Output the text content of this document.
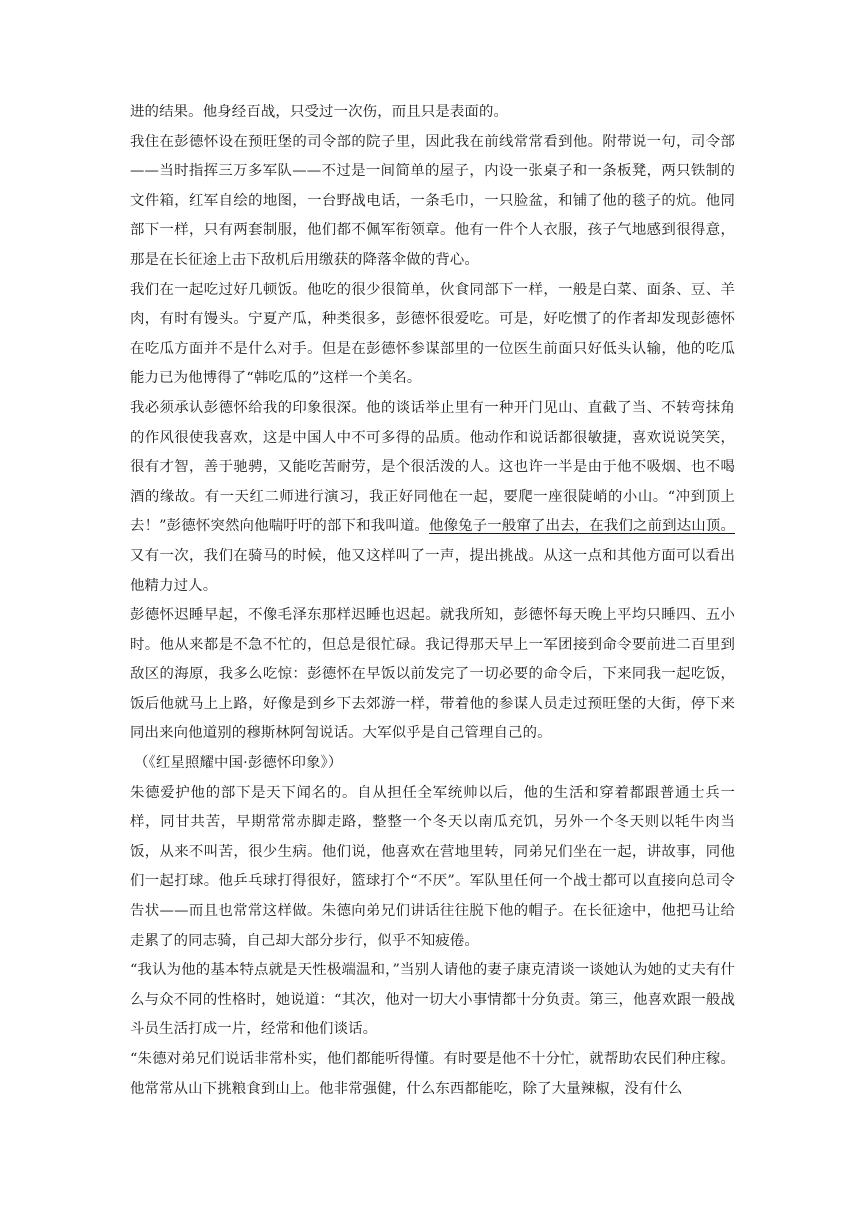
进的结果。他身经百战，只受过一次伤，而且只是表面的。

我住在彭德怀设在预旺堡的司令部的院子里，因此我在前线常常看到他。附带说一句，司令部——当时指挥三万多军队——不过是一间简单的屋子，内设一张桌子和一条板凳，两只铁制的文件箱，红军自绘的地图，一台野战电话，一条毛巾，一只脸盆，和铺了他的毯子的炕。他同部下一样，只有两套制服，他们都不佩军衔领章。他有一件个人衣服，孩子气地感到很得意，那是在长征途上击下敌机后用缴获的降落伞做的背心。

我们在一起吃过好几顿饭。他吃的很少很简单，伙食同部下一样，一般是白菜、面条、豆、羊肉，有时有馒头。宁夏产瓜，种类很多，彭德怀很爱吃。可是，好吃惯了的作者却发现彭德怀在吃瓜方面并不是什么对手。但是在彭德怀参谋部里的一位医生前面只好低头认输，他的吃瓜能力已为他博得了“韩吃瓜的”这样一个美名。

我必须承认彭德怀给我的印象很深。他的谈话举止里有一种开门见山、直截了当、不转弯抹角的作风很使我喜欢，这是中国人中不可多得的品质。他动作和说话都很敏捷，喜欢说说笑笑，很有才智，善于驰骋，又能吃苦耐劳，是个很活泼的人。这也许一半是由于他不吸烟、也不喝酒的缘故。有一天红二师进行演习，我正好同他在一起，要爬一座很陡峭的小山。“冲到顶上去！”彭德怀突然向他喘吁吁的部下和我叫道。他像兔子一般窜了出去，在我们之前到达山顶。又有一次，我们在骑马的时候，他又这样叫了一声，提出挑战。从这一点和其他方面可以看出他精力过人。

彭德怀迟睡早起，不像毛泽东那样迟睡也迟起。就我所知，彭德怀每天晚上平均只睡四、五小时。他从来都是不急不忙的，但总是很忙碌。我记得那天早上一军团接到命令要前进二百里到敌区的海原，我多么吃惊：彭德怀在早饭以前发完了一切必要的命令后，下来同我一起吃饭，饭后他就马上上路，好像是到乡下去郊游一样，带着他的参谋人员走过预旺堡的大街，停下来同出来向他道别的穆斯林阿訇说话。大军似乎是自己管理自己的。

（《红星照耀中国·彭德怀印象》）

朱德爱护他的部下是天下闻名的。自从担任全军统帅以后，他的生活和穿着都跟普通士兵一样，同甘共苦，早期常常赤脚走路，整整一个冬天以南瓜充饥，另外一个冬天则以牦牛肉当饭，从来不叫苦，很少生病。他们说，他喜欢在营地里转，同弟兄们坐在一起，讲故事，同他们一起打球。他乒乓球打得很好，篮球打个“不厌”。军队里任何一个战士都可以直接向总司令告状——而且也常常这样做。朱德向弟兄们讲话往往脱下他的帽子。在长征途中，他把马让给走累了的同志骑，自己却大部分步行，似乎不知疲倦。

“我认为他的基本特点就是天性极端温和，”当别人请他的妻子康克清谈一谈她认为她的丈夫有什么与众不同的性格时，她说道：“其次，他对一切大小事情都十分负责。第三，他喜欢跟一般战斗员生活打成一片，经常和他们谈话。

“朱德对弟兄们说话非常朴实，他们都能听得懂。有时要是他不十分忙，就帮助农民们种庄稼。他常常从山下挑粮食到山上。他非常强健，什么东西都能吃，除了大量辣椒，没有什么
